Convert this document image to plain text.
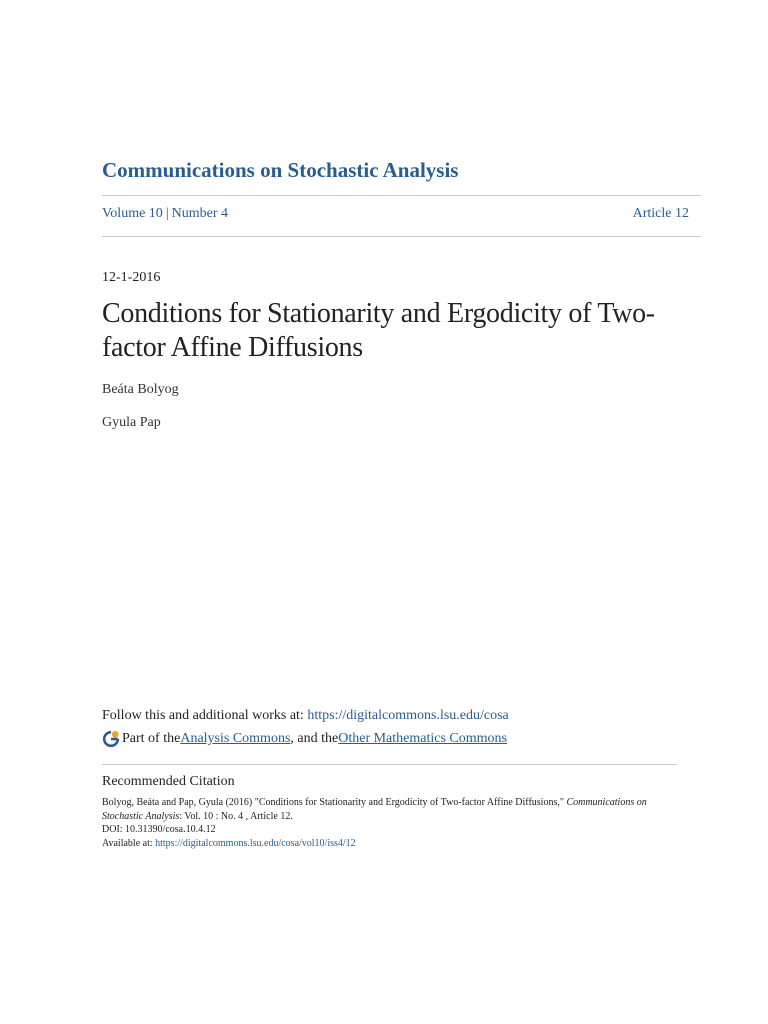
Communications on Stochastic Analysis
Volume 10 | Number 4	Article 12
12-1-2016
Conditions for Stationarity and Ergodicity of Two-factor Affine Diffusions
Beáta Bolyog
Gyula Pap
Follow this and additional works at: https://digitalcommons.lsu.edu/cosa
Part of the Analysis Commons , and the Other Mathematics Commons
Recommended Citation
Bolyog, Beáta and Pap, Gyula (2016) "Conditions for Stationarity and Ergodicity of Two-factor Affine Diffusions," Communications on Stochastic Analysis: Vol. 10 : No. 4 , Article 12.
DOI: 10.31390/cosa.10.4.12
Available at: https://digitalcommons.lsu.edu/cosa/vol10/iss4/12
